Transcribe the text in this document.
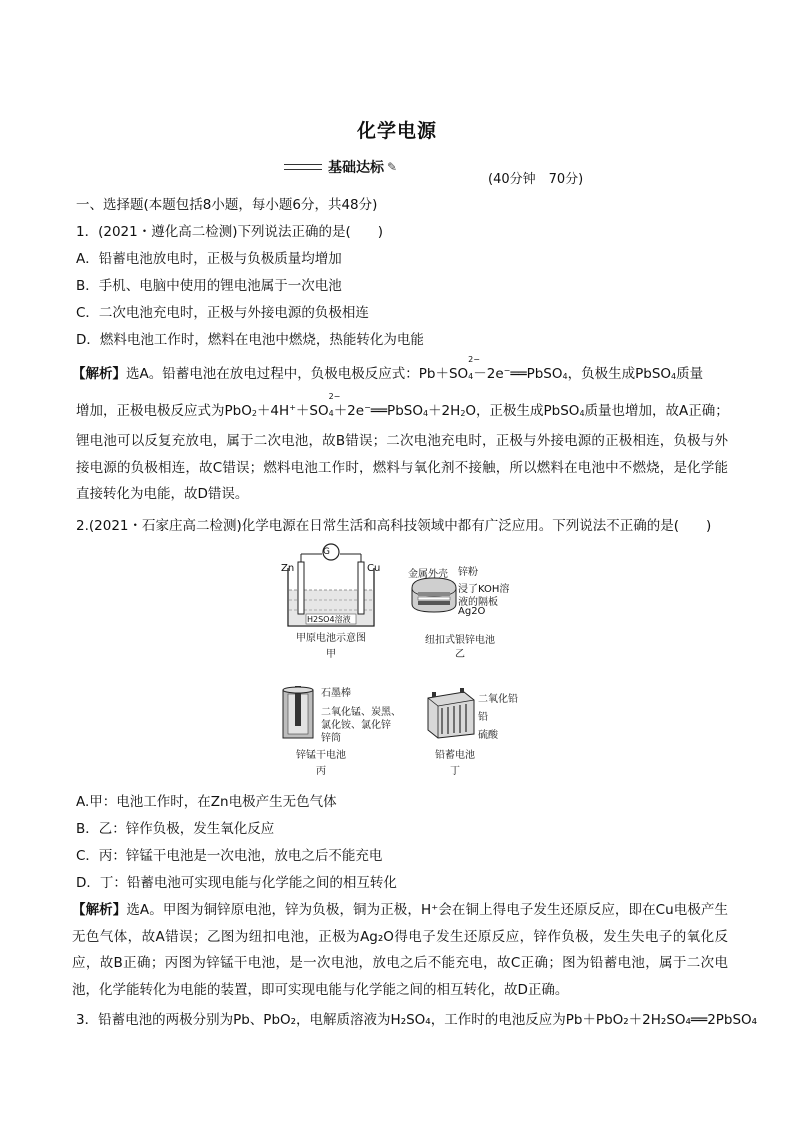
化学电源
基础达标 ✎
(40分钟　70分)
一、选择题(本题包括8小题，每小题6分，共48分)
1．(2021・遵化高二检测)下列说法正确的是(　　)
A．铅蓄电池放电时，正极与负极质量均增加
B．手机、电脑中使用的锂电池属于一次电池
C．二次电池充电时，正极与外接电源的负极相连
D．燃料电池工作时，燃料在电池中燃烧，热能转化为电能
【解析】选A。铅蓄电池在放电过程中，负极电极反应式：Pb＋SO
2−
4－2e−══PbSO$_4$，负极生成PbSO$_4$质量
增加，正极电极反应式为PbO$_2$＋4H+＋SO
2−
$4+2e^-══PbSO_4+2H_2O$，正极生成PbSO$_4$质量也增加，故A正确；
锂电池可以反复充放电，属于二次电池，故B错误；二次电池充电时，正极与外接电源的正极相连，负极与外接电源的负极相连，故C错误；燃料电池工作时，燃料与氧化剂不接触，所以燃料在电池中不燃烧，是化学能直接转化为电能，故D错误。
2.(2021・石家庄高二检测)化学电源在日常生活和高科技领域中都有广泛应用。下列说法不正确的是(　　)
G
Zn	Cu
H2SO4溶液
甲原电池示意图
甲
金属外壳 锌粉
浸了KOH溶
液的隔板
Ag2O
纽扣式银锌电池
乙
石墨棒
二氧化锰、炭黑、
氯化铵、氯化锌
锌筒
锌锰干电池
丙
二氧化铅
铅
硫酸
铅蓄电池
丁
A.甲：电池工作时，在Zn电极产生无色气体
B．乙：锌作负极，发生氧化反应
C．丙：锌锰干电池是一次电池，放电之后不能充电
D．丁：铅蓄电池可实现电能与化学能之间的相互转化
【解析】选A。甲图为铜锌原电池，锌为负极，铜为正极，H⁺会在铜上得电子发生还原反应，即在Cu电极产生无色气体，故A错误；乙图为纽扣电池，正极为Ag₂O得电子发生还原反应，锌作负极，发生失电子的氧化反应，故B正确；丙图为锌锰干电池，是一次电池，放电之后不能充电，故C正确；图为铅蓄电池，属于二次电池，化学能转化为电能的装置，即可实现电能与化学能之间的相互转化，故D正确。
3．铅蓄电池的两极分别为Pb、PbO₂，电解质溶液为H₂SO₄，工作时的电池反应为Pb＋PbO₂＋2H₂SO₄══2PbSO₄
